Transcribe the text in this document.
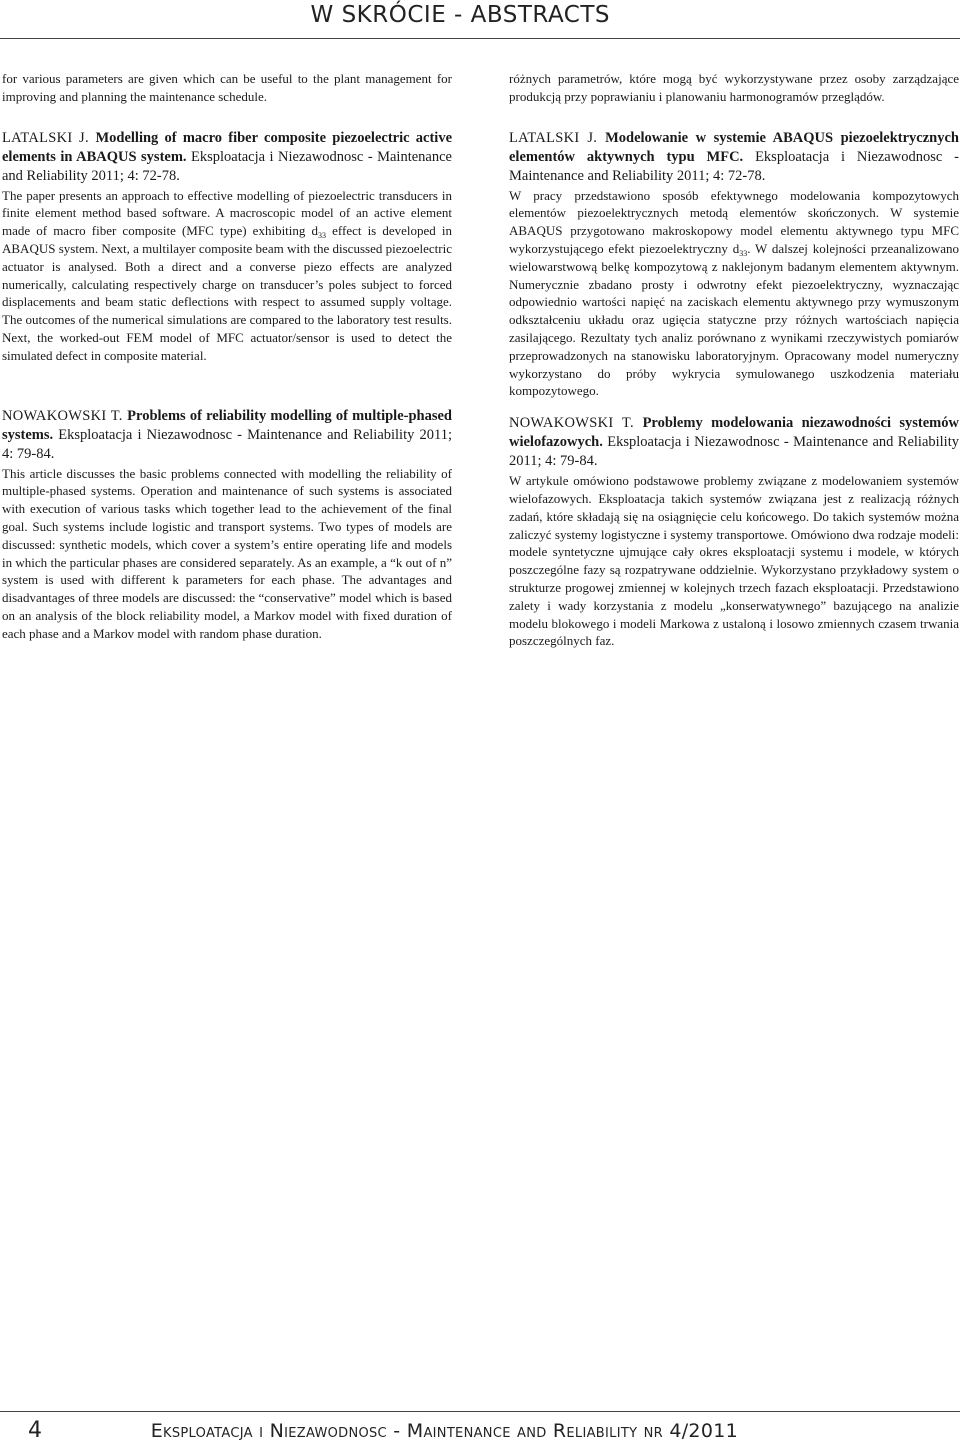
W SKRÓCIE - ABSTRACTS

for various parameters are given which can be useful to the plant management for improving and planning the maintenance schedule.

LATALSKI J. Modelling of macro fiber composite piezoelectric active elements in ABAQUS system. Eksploatacja i Niezawodnosc - Maintenance and Reliability 2011; 4: 72-78.

The paper presents an approach to effective modelling of piezoelectric transducers in finite element method based software. A macroscopic model of an active element made of macro fiber composite (MFC type) exhibiting $d_{33}$ effect is developed in ABAQUS system. Next, a multilayer composite beam with the discussed piezoelectric actuator is analysed. Both a direct and a converse piezo effects are analyzed numerically, calculating respectively charge on transducer’s poles subject to forced displacements and beam static deflections with respect to assumed supply voltage. The outcomes of the numerical simulations are compared to the laboratory test results. Next, the worked-out FEM model of MFC actuator/sensor is used to detect the simulated defect in composite material.

NOWAKOWSKI T. Problems of reliability modelling of multiple-phased systems. Eksploatacja i Niezawodnosc - Maintenance and Reliability 2011; 4: 79-84.

This article discusses the basic problems connected with modelling the reliability of multiple-phased systems. Operation and maintenance of such systems is associated with execution of various tasks which together lead to the achievement of the final goal. Such systems include logistic and transport systems. Two types of models are discussed: synthetic models, which cover a system’s entire operating life and models in which the particular phases are considered separately. As an example, a “k out of n” system is used with different k parameters for each phase. The advantages and disadvantages of three models are discussed: the “conservative” model which is based on an analysis of the block reliability model, a Markov model with fixed duration of each phase and a Markov model with random phase duration.

różnych parametrów, które mogą być wykorzystywane przez osoby zarządzające produkcją przy poprawianiu i planowaniu harmonogramów przeglądów.

LATALSKI J. Modelowanie w systemie ABAQUS piezoelektrycznych elementów aktywnych typu MFC. Eksploatacja i Niezawodnosc - Maintenance and Reliability 2011; 4: 72-78.

W pracy przedstawiono sposób efektywnego modelowania kompozytowych elementów piezoelektrycznych metodą elementów skończonych. W systemie ABAQUS przygotowano makroskopowy model elementu aktywnego typu MFC wykorzystującego efekt piezoelektryczny $d_{33}$. W dalszej kolejności przeanalizowano wielowarstwową belkę kompozytową z naklejonym badanym elementem aktywnym. Numerycznie zbadano prosty i odwrotny efekt piezoelektryczny, wyznaczając odpowiednio wartości napięć na zaciskach elementu aktywnego przy wymuszonym odkształceniu układu oraz ugięcia statyczne przy różnych wartościach napięcia zasilającego. Rezultaty tych analiz porównano z wynikami rzeczywistych pomiarów przeprowadzonych na stanowisku laboratoryjnym. Opracowany model numeryczny wykorzystano do próby wykrycia symulowanego uszkodzenia materiału kompozytowego.

NOWAKOWSKI T. Problemy modelowania niezawodności systemów wielofazowych. Eksploatacja i Niezawodnosc - Maintenance and Reliability 2011; 4: 79-84.

W artykule omówiono podstawowe problemy związane z modelowaniem systemów wielofazowych. Eksploatacja takich systemów związana jest z realizacją różnych zadań, które składają się na osiągnięcie celu końcowego. Do takich systemów można zaliczyć systemy logistyczne i systemy transportowe. Omówiono dwa rodzaje modeli: modele syntetyczne ujmujące cały okres eksploatacji systemu i modele, w których poszczególne fazy są rozpatrywane oddzielnie. Wykorzystano przykładowy system o strukturze progowej zmiennej w kolejnych trzech fazach eksploatacji. Przedstawiono zalety i wady korzystania z modelu „konserwatywnego” bazującego na analizie modelu blokowego i modeli Markowa z ustaloną i losowo zmiennych czasem trwania poszczególnych faz.

4	Eksploatacja i Niezawodnosc - Maintenance and Reliability nr 4/2011
